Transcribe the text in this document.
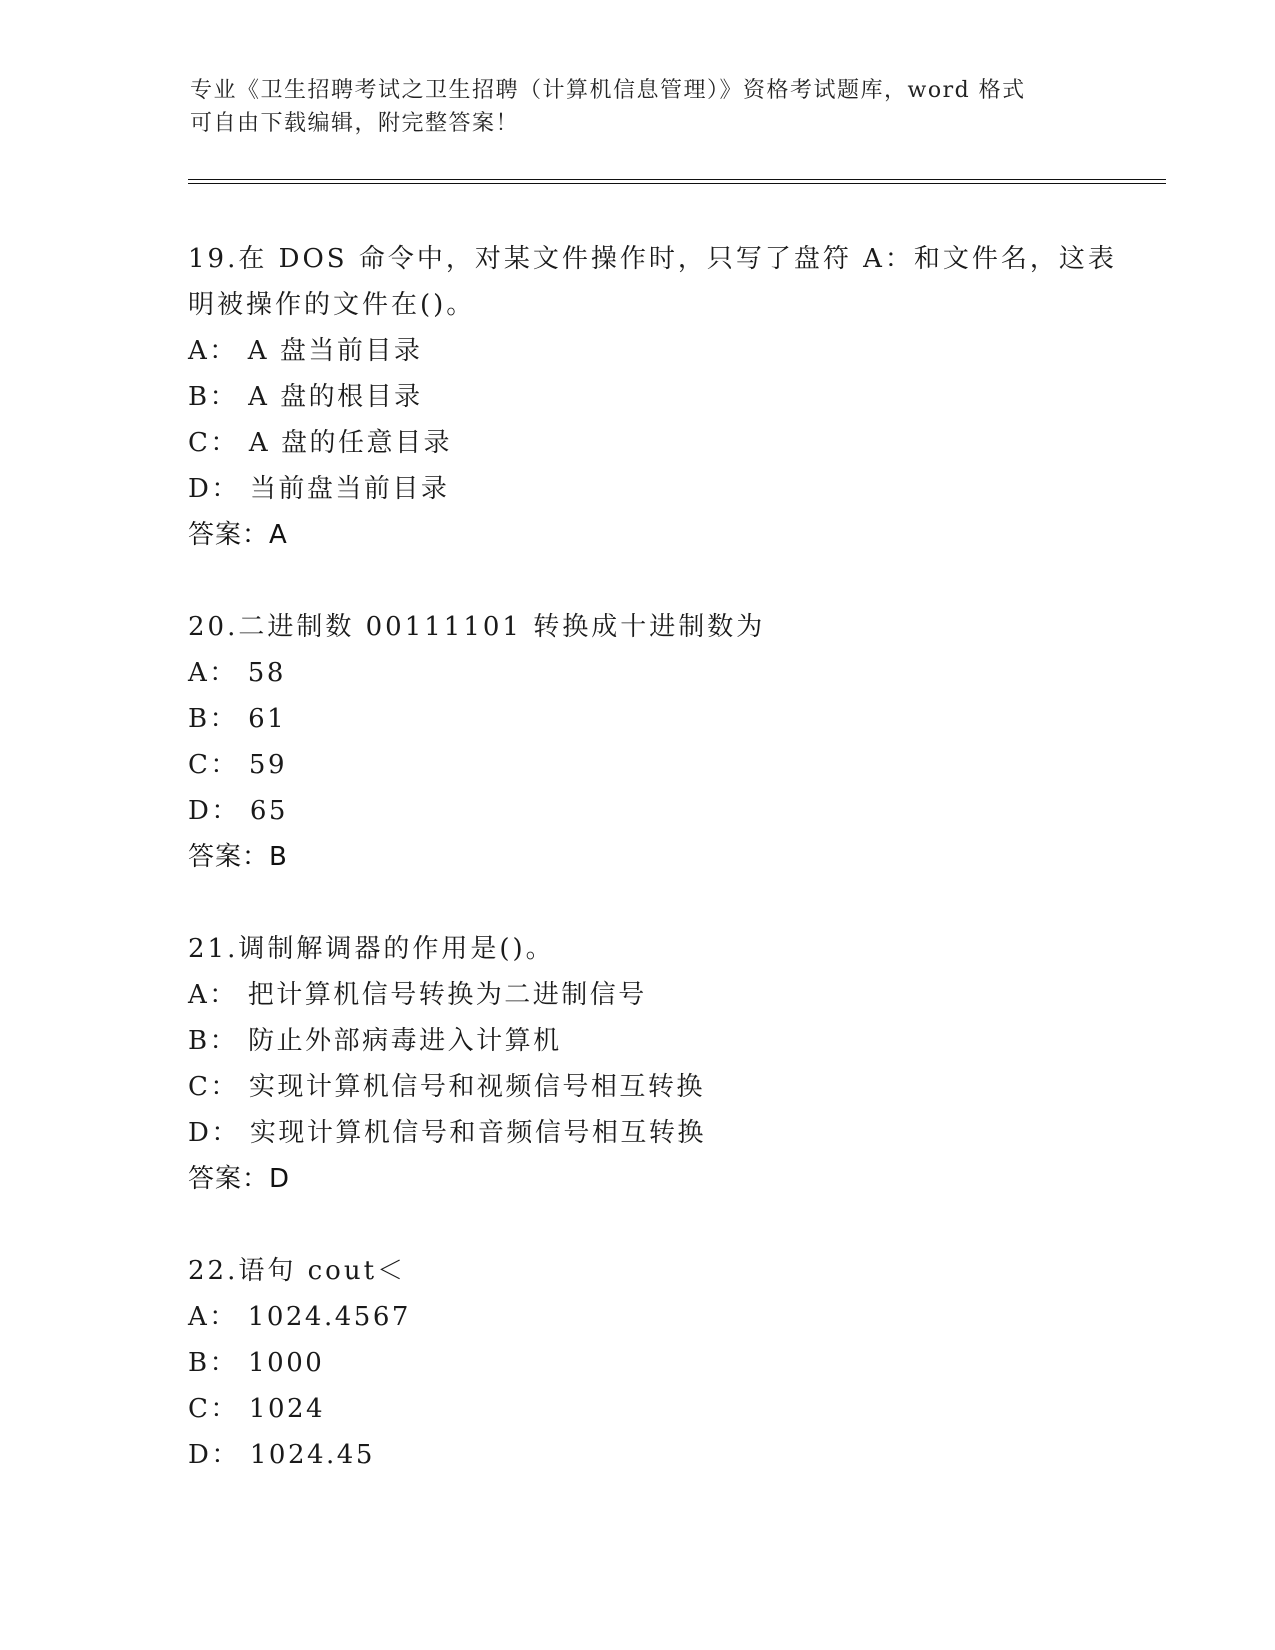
专业《卫生招聘考试之卫生招聘（计算机信息管理）》资格考试题库，word 格式
可自由下载编辑，附完整答案！
19.在 DOS 命令中，对某文件操作时，只写了盘符 A：和文件名，这表
明被操作的文件在()。
A： A 盘当前目录
B： A 盘的根目录
C： A 盘的任意目录
D： 当前盘当前目录
答案：A
20.二进制数 00111101 转换成十进制数为
A： 58
B： 61
C： 59
D： 65
答案：B
21.调制解调器的作用是()。
A： 把计算机信号转换为二进制信号
B： 防止外部病毒进入计算机
C： 实现计算机信号和视频信号相互转换
D： 实现计算机信号和音频信号相互转换
答案：D
22.语句 cout＜
A： 1024.4567
B： 1000
C： 1024
D： 1024.45
